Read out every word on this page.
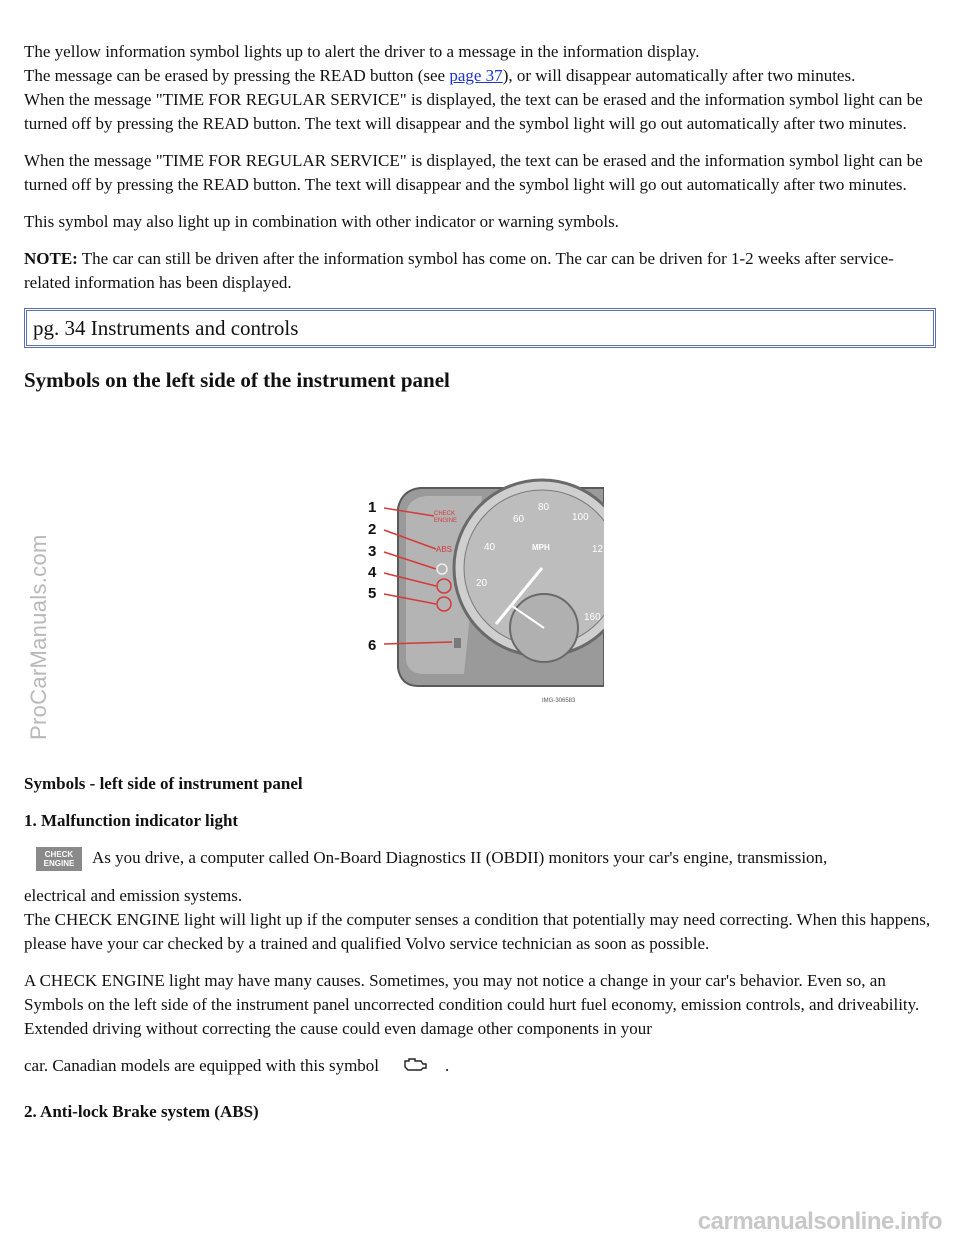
The yellow information symbol lights up to alert the driver to a message in the information display.
The message can be erased by pressing the READ button (see page 37), or will disappear automatically after two minutes.
When the message "TIME FOR REGULAR SERVICE" is displayed, the text can be erased and the information symbol light can be turned off by pressing the READ button. The text will disappear and the symbol light will go out automatically after two minutes.

When the message "TIME FOR REGULAR SERVICE" is displayed, the text can be erased and the information symbol light can be turned off by pressing the READ button. The text will disappear and the symbol light will go out automatically after two minutes.

This symbol may also light up in combination with other indicator or warning symbols.

NOTE: The car can still be driven after the information symbol has come on. The car can be driven for 1-2 weeks after service-related information has been displayed.

pg. 34 Instruments and controls
Symbols on the left side of the instrument panel
60
80
100
40
20
12
160
MPH
CHECK
ENGINE
ABS
1
2
3
4
5
6
IMG-306583

Symbols - left side of instrument panel

1. Malfunction indicator light

CHECK
ENGINE As you drive, a computer called On-Board Diagnostics II (OBDII) monitors your car's engine, transmission,

electrical and emission systems.
The CHECK ENGINE light will light up if the computer senses a condition that potentially may need correcting. When this happens, please have your car checked by a trained and qualified Volvo service technician as soon as possible.

A CHECK ENGINE light may have many causes. Sometimes, you may not notice a change in your car's behavior. Even so, an Symbols on the left side of the instrument panel uncorrected condition could hurt fuel economy, emission controls, and driveability. Extended driving without correcting the cause could even damage other components in your

car. Canadian models are equipped with this symbol	.

2. Anti-lock Brake system (ABS)

ProCarManuals.com
carmanualsonline.info
